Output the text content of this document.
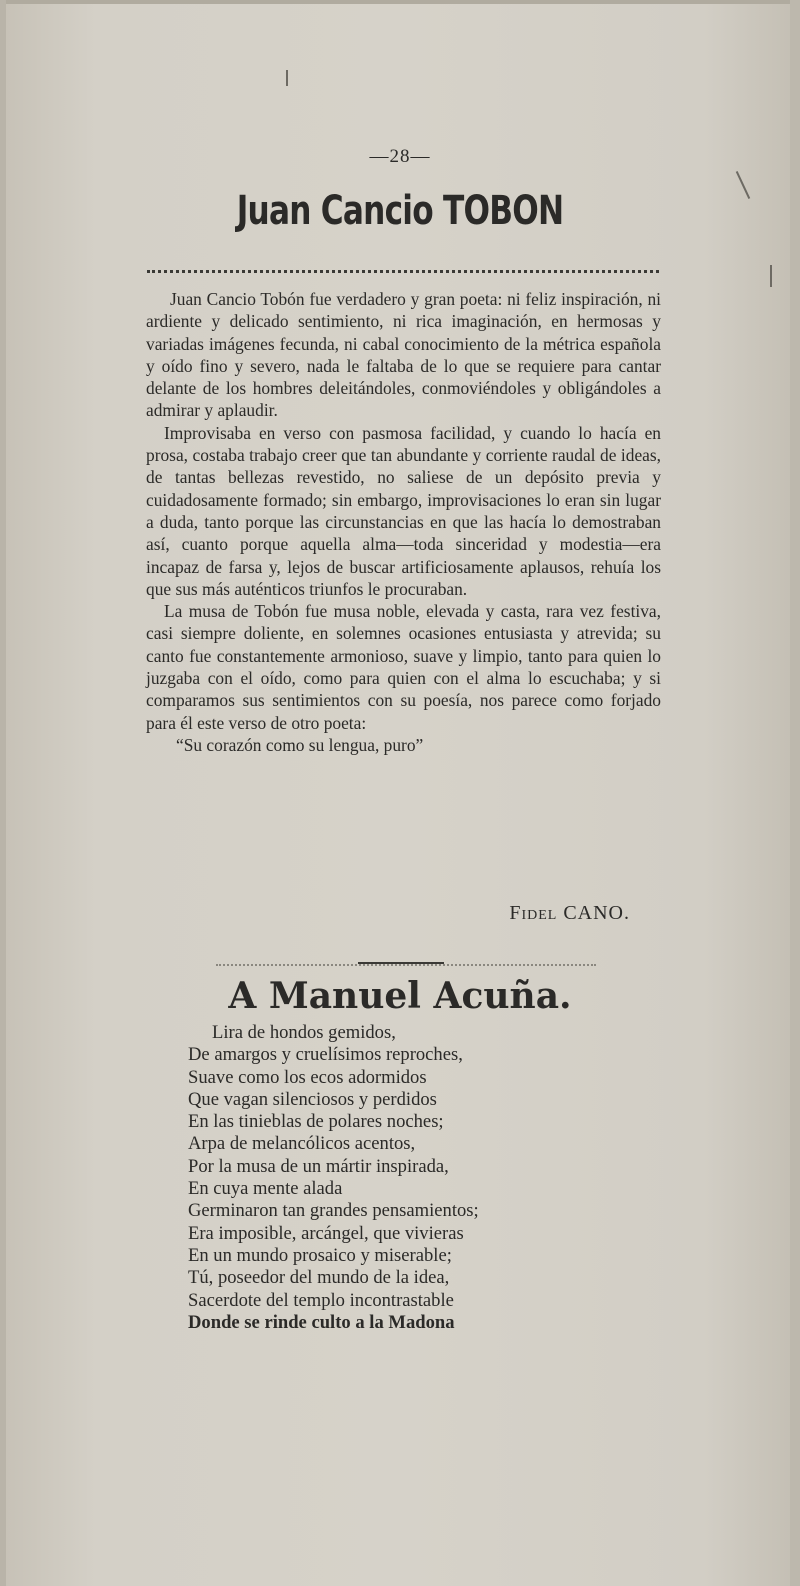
—28—
Juan Cancio TOBON

Juan Cancio Tobón fue verdadero y gran poeta: ni feliz inspiración, ni ardiente y delicado sentimiento, ni rica imaginación, en hermosas y variadas imágenes fecunda, ni cabal conocimiento de la métrica española y oído fino y severo, nada le faltaba de lo que se requiere para cantar delante de los hombres deleitándoles, conmoviéndoles y obligándoles a admirar y aplaudir.

Improvisaba en verso con pasmosa facilidad, y cuando lo hacía en prosa, costaba trabajo creer que tan abundante y corriente raudal de ideas, de tantas bellezas revestido, no saliese de un depósito previa y cuidadosamente formado; sin embargo, improvisaciones lo eran sin lugar a duda, tanto porque las circunstancias en que las hacía lo demostraban así, cuanto porque aquella alma—toda sinceridad y modestia—era incapaz de farsa y, lejos de buscar artificiosamente aplausos, rehuía los que sus más auténticos triunfos le procuraban.

La musa de Tobón fue musa noble, elevada y casta, rara vez festiva, casi siempre doliente, en solemnes ocasiones entusiasta y atrevida; su canto fue constantemente armonioso, suave y limpio, tanto para quien lo juzgaba con el oído, como para quien con el alma lo escuchaba; y si comparamos sus sentimientos con su poesía, nos parece como forjado para él este verso de otro poeta:

“Su corazón como su lengua, puro”

Fidel CANO.
A Manuel Acuña.
Lira de hondos gemidos,
De amargos y cruelísimos reproches,
Suave como los ecos adormidos
Que vagan silenciosos y perdidos
En las tinieblas de polares noches;
Arpa de melancólicos acentos,
Por la musa de un mártir inspirada,
En cuya mente alada
Germinaron tan grandes pensamientos;
Era imposible, arcángel, que vivieras
En un mundo prosaico y miserable;
Tú, poseedor del mundo de la idea,
Sacerdote del templo incontrastable
Donde se rinde culto a la Madona
